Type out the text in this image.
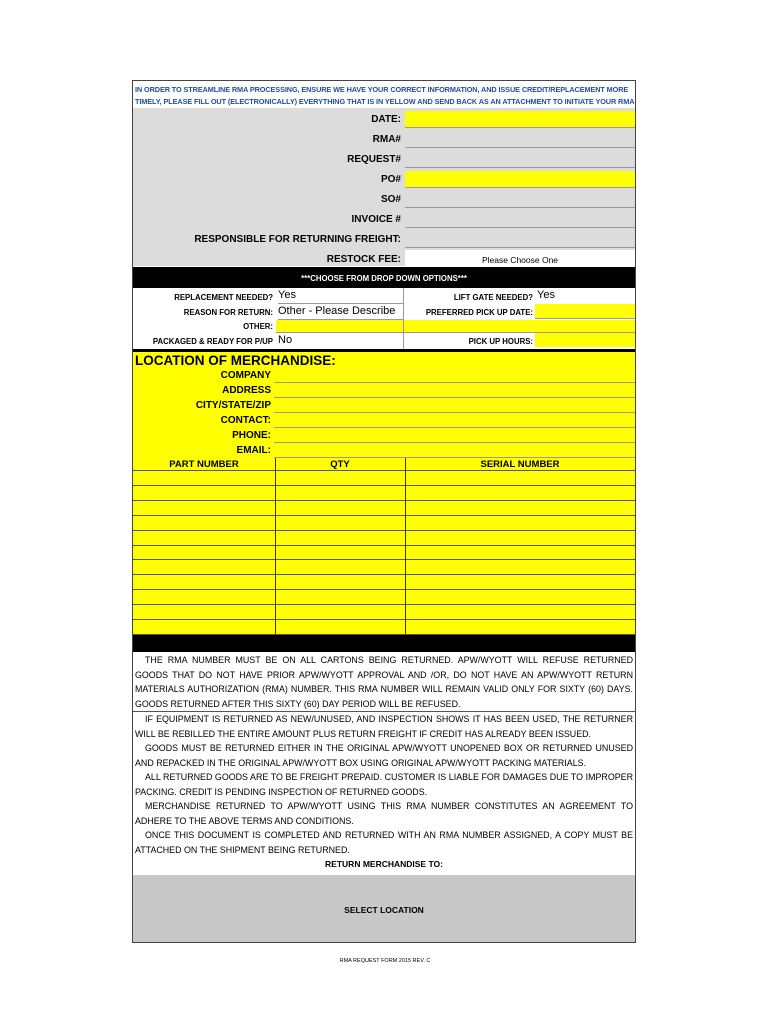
IN ORDER TO STREAMLINE RMA PROCESSING, ENSURE WE HAVE YOUR CORRECT INFORMATION, AND ISSUE CREDIT/REPLACEMENT MORE TIMELY, PLEASE FILL OUT (ELECTRONICALLY) EVERYTHING THAT IS IN YELLOW AND SEND BACK AS AN ATTACHMENT TO INITIATE YOUR RMA
DATE:
RMA#
REQUEST#
PO#
SO#
INVOICE #
RESPONSIBLE FOR RETURNING FREIGHT:
RESTOCK FEE:	Please Choose One
***CHOOSE FROM DROP DOWN OPTIONS***
REPLACEMENT NEEDED? Yes
REASON FOR RETURN: Other - Please Describe
OTHER:
PACKAGED & READY FOR P/UP No
LIFT GATE NEEDED? Yes
PREFERRED PICK UP DATE:
PICK UP HOURS:
LOCATION OF MERCHANDISE:
COMPANY
ADDRESS
CITY/STATE/ZIP
CONTACT:
PHONE:
EMAIL:
PART NUMBER	QTY	SERIAL NUMBER

THE RMA NUMBER MUST BE ON ALL CARTONS BEING RETURNED. APW/WYOTT WILL REFUSE RETURNED GOODS THAT DO NOT HAVE PRIOR APW/WYOTT APPROVAL AND /OR, DO NOT HAVE AN APW/WYOTT RETURN MATERIALS AUTHORIZATION (RMA) NUMBER. THIS RMA NUMBER WILL REMAIN VALID ONLY FOR SIXTY (60) DAYS. GOODS RETURNED AFTER THIS SIXTY (60) DAY PERIOD WILL BE REFUSED.

IF EQUIPMENT IS RETURNED AS NEW/UNUSED, AND INSPECTION SHOWS IT HAS BEEN USED, THE RETURNER WILL BE REBILLED THE ENTIRE AMOUNT PLUS RETURN FREIGHT IF CREDIT HAS ALREADY BEEN ISSUED.

GOODS MUST BE RETURNED EITHER IN THE ORIGINAL APW/WYOTT UNOPENED BOX OR RETURNED UNUSED AND REPACKED IN THE ORIGINAL APW/WYOTT BOX USING ORIGINAL APW/WYOTT PACKING MATERIALS.

ALL RETURNED GOODS ARE TO BE FREIGHT PREPAID. CUSTOMER IS LIABLE FOR DAMAGES DUE TO IMPROPER PACKING. CREDIT IS PENDING INSPECTION OF RETURNED GOODS.

MERCHANDISE RETURNED TO APW/WYOTT USING THIS RMA NUMBER CONSTITUTES AN AGREEMENT TO ADHERE TO THE ABOVE TERMS AND CONDITIONS.

ONCE THIS DOCUMENT IS COMPLETED AND RETURNED WITH AN RMA NUMBER ASSIGNED, A COPY MUST BE ATTACHED ON THE SHIPMENT BEING RETURNED.

RETURN MERCHANDISE TO:
SELECT LOCATION
RMA REQUEST FORM 2015 REV. C
